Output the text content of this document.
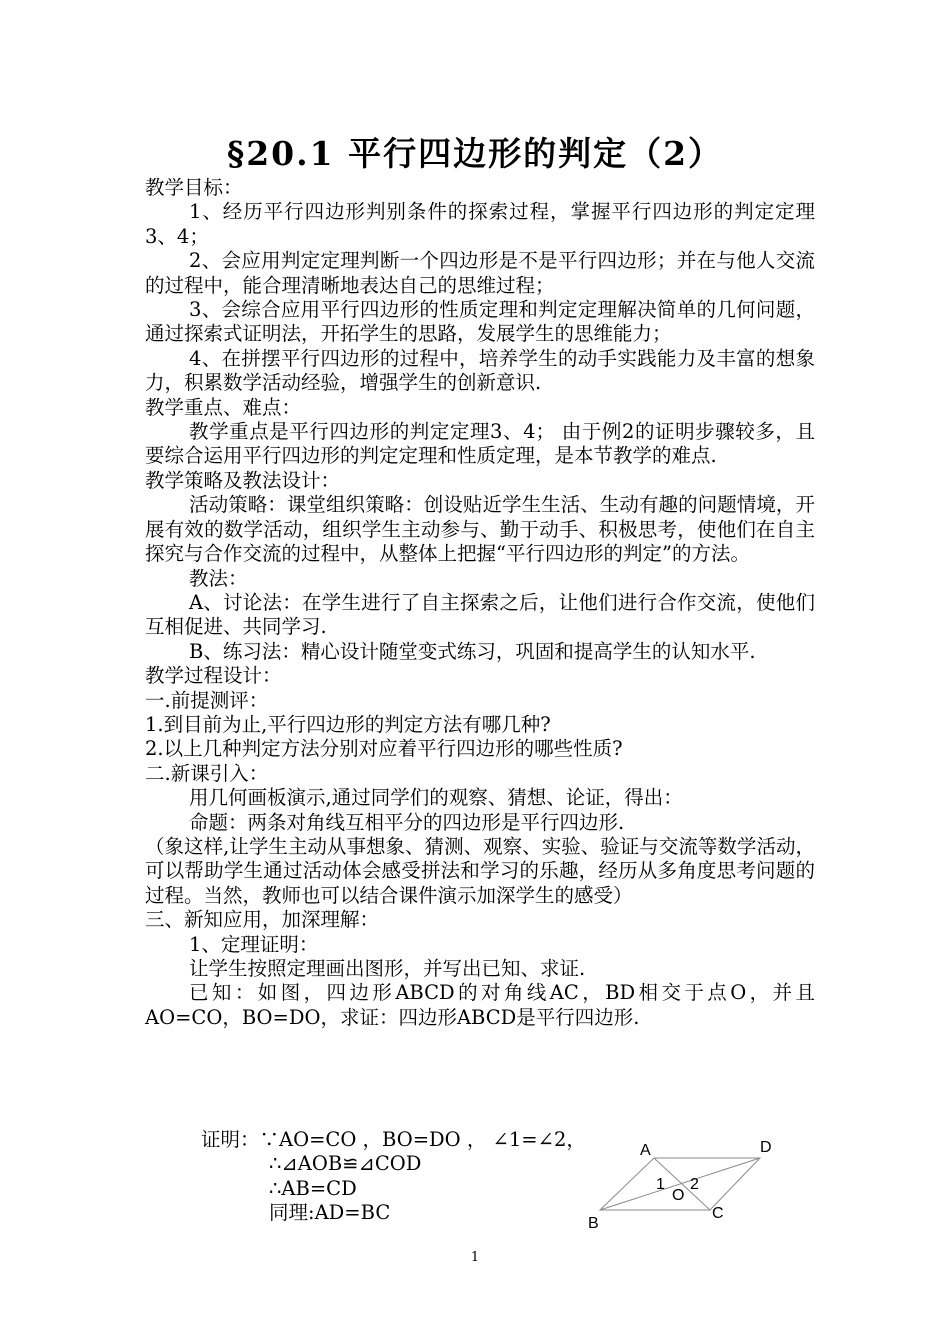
§20.1 平行四边形的判定（2）

教学目标：

1、经历平行四边形判别条件的探索过程，掌握平行四边形的判定定理3、4；

2、会应用判定定理判断一个四边形是不是平行四边形；并在与他人交流的过程中，能合理清晰地表达自己的思维过程；

3、会综合应用平行四边形的性质定理和判定定理解决简单的几何问题，通过探索式证明法，开拓学生的思路，发展学生的思维能力；

4、在拼摆平行四边形的过程中，培养学生的动手实践能力及丰富的想象力，积累数学活动经验，增强学生的创新意识.

教学重点、难点：

教学重点是平行四边形的判定定理3、4； 由于例2的证明步骤较多，且要综合运用平行四边形的判定定理和性质定理，是本节教学的难点.

教学策略及教法设计：

活动策略：课堂组织策略：创设贴近学生生活、生动有趣的问题情境，开展有效的数学活动，组织学生主动参与、勤于动手、积极思考，使他们在自主探究与合作交流的过程中，从整体上把握“平行四边形的判定”的方法。

教法：

A、讨论法：在学生进行了自主探索之后，让他们进行合作交流，使他们互相促进、共同学习.

B、练习法：精心设计随堂变式练习，巩固和提高学生的认知水平.

教学过程设计：

一.前提测评：

1.到目前为止,平行四边形的判定方法有哪几种?

2.以上几种判定方法分别对应着平行四边形的哪些性质?

二.新课引入：

用几何画板演示,通过同学们的观察、猜想、论证，得出：

命题：两条对角线互相平分的四边形是平行四边形.

（象这样,让学生主动从事想象、猜测、观察、实验、验证与交流等数学活动，可以帮助学生通过活动体会感受拼法和学习的乐趣，经历从多角度思考问题的过程。当然，教师也可以结合课件演示加深学生的感受）

三、新知应用，加深理解：

1、定理证明：

让学生按照定理画出图形，并写出已知、求证.

已知：如图，四边形ABCD的对角线AC，BD相交于点O，并且AO=CO，BO=DO，求证：四边形ABCD是平行四边形.

证明：∵AO=CO ，BO=DO ， ∠1=∠2，

∴⊿AOB≌⊿COD

∴AB=CD

同理:AD=BC

A
B
C
D
O
1 2
1
